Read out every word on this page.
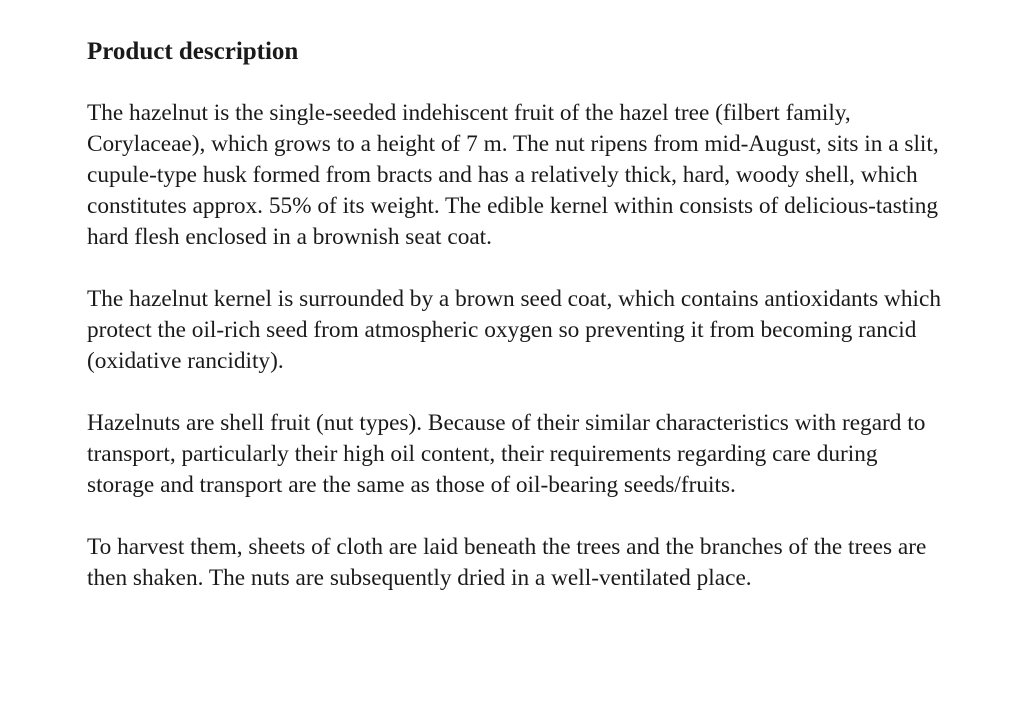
Product description

The hazelnut is the single-seeded indehiscent fruit of the hazel tree (filbert family, Corylaceae), which grows to a height of 7 m. The nut ripens from mid-August, sits in a slit, cupule-type husk formed from bracts and has a relatively thick, hard, woody shell, which constitutes approx. 55% of its weight. The edible kernel within consists of delicious-tasting hard flesh enclosed in a brownish seat coat.

The hazelnut kernel is surrounded by a brown seed coat, which contains antioxidants which protect the oil-rich seed from atmospheric oxygen so preventing it from becoming rancid (oxidative rancidity).

Hazelnuts are shell fruit (nut types). Because of their similar characteristics with regard to transport, particularly their high oil content, their requirements regarding care during storage and transport are the same as those of oil-bearing seeds/fruits.

To harvest them, sheets of cloth are laid beneath the trees and the branches of the trees are then shaken. The nuts are subsequently dried in a well-ventilated place.
